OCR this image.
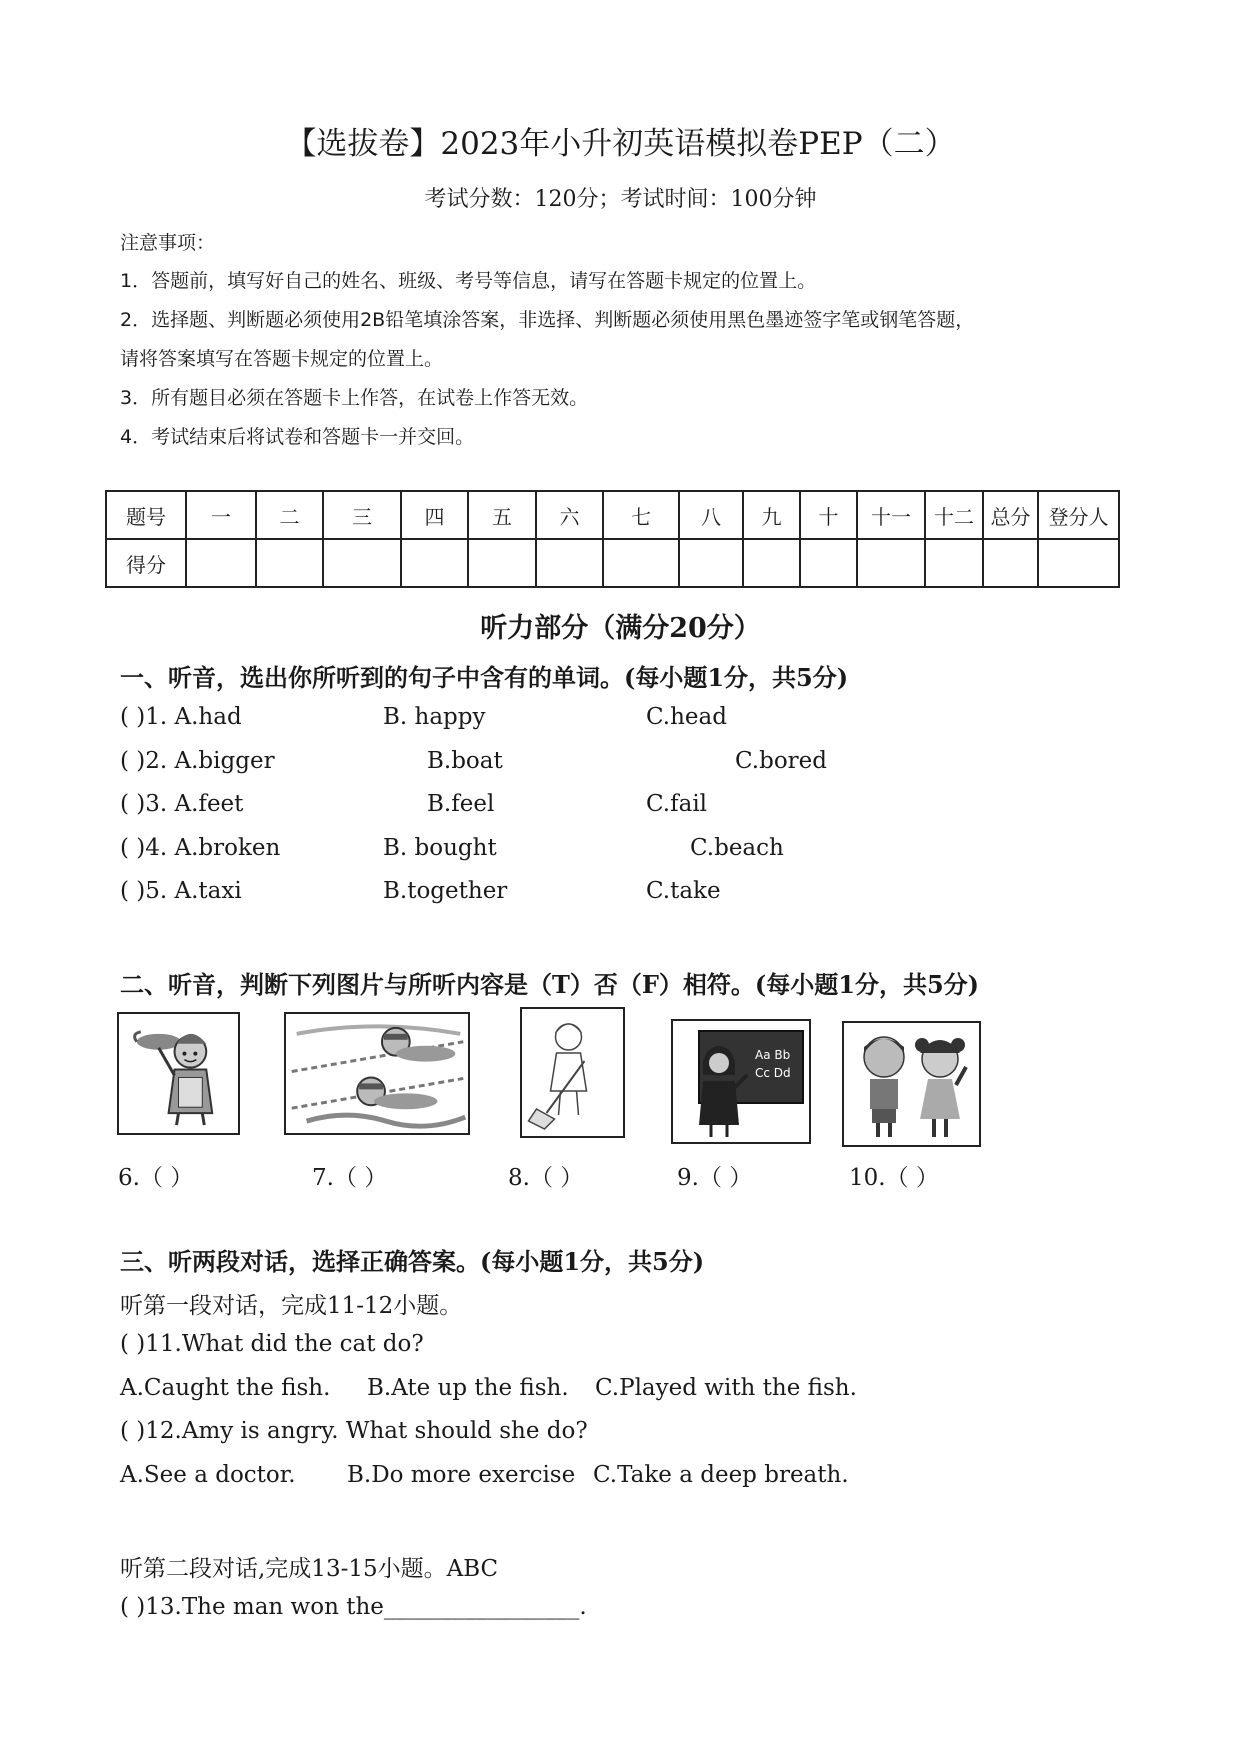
【选拔卷】2023年小升初英语模拟卷PEP（二）
考试分数：120分；考试时间：100分钟
注意事项：
1．答题前，填写好自己的姓名、班级、考号等信息，请写在答题卡规定的位置上。
2．选择题、判断题必须使用2B铅笔填涂答案，非选择、判断题必须使用黑色墨迹签字笔或钢笔答题，
请将答案填写在答题卡规定的位置上。
3．所有题目必须在答题卡上作答，在试卷上作答无效。
4．考试结束后将试卷和答题卡一并交回。
题号	一	二	三	四	五	六	七	八	九	十	十一	十二	总分	登分人
得分														
听力部分（满分20分）
一、听音，选出你所听到的句子中含有的单词。(每小题1分，共5分)
( )1. A.had	B. happy	C.head
( )2. A.bigger	B.boat	C.bored
( )3. A.feet	B.feel	C.fail
( )4. A.broken	B. bought	C.beach
( )5. A.taxi	B.together	C.take
二、听音，判断下列图片与所听内容是（T）否（F）相符。(每小题1分，共5分)
Aa Bb
Cc Dd
6.（ ）	7.（ ）	8.（ ）	9.（ ）	10.（ ）
三、听两段对话，选择正确答案。(每小题1分，共5分)
听第一段对话，完成11-12小题。
( )11.What did the cat do?
A.Caught the fish. B.Ate up the fish. C.Played with the fish.
( )12.Amy is angry. What should she do?
A.See a doctor. B.Do more exercise C.Take a deep breath.
听第二段对话,完成13-15小题。ABC
( )13.The man won the_________________.
